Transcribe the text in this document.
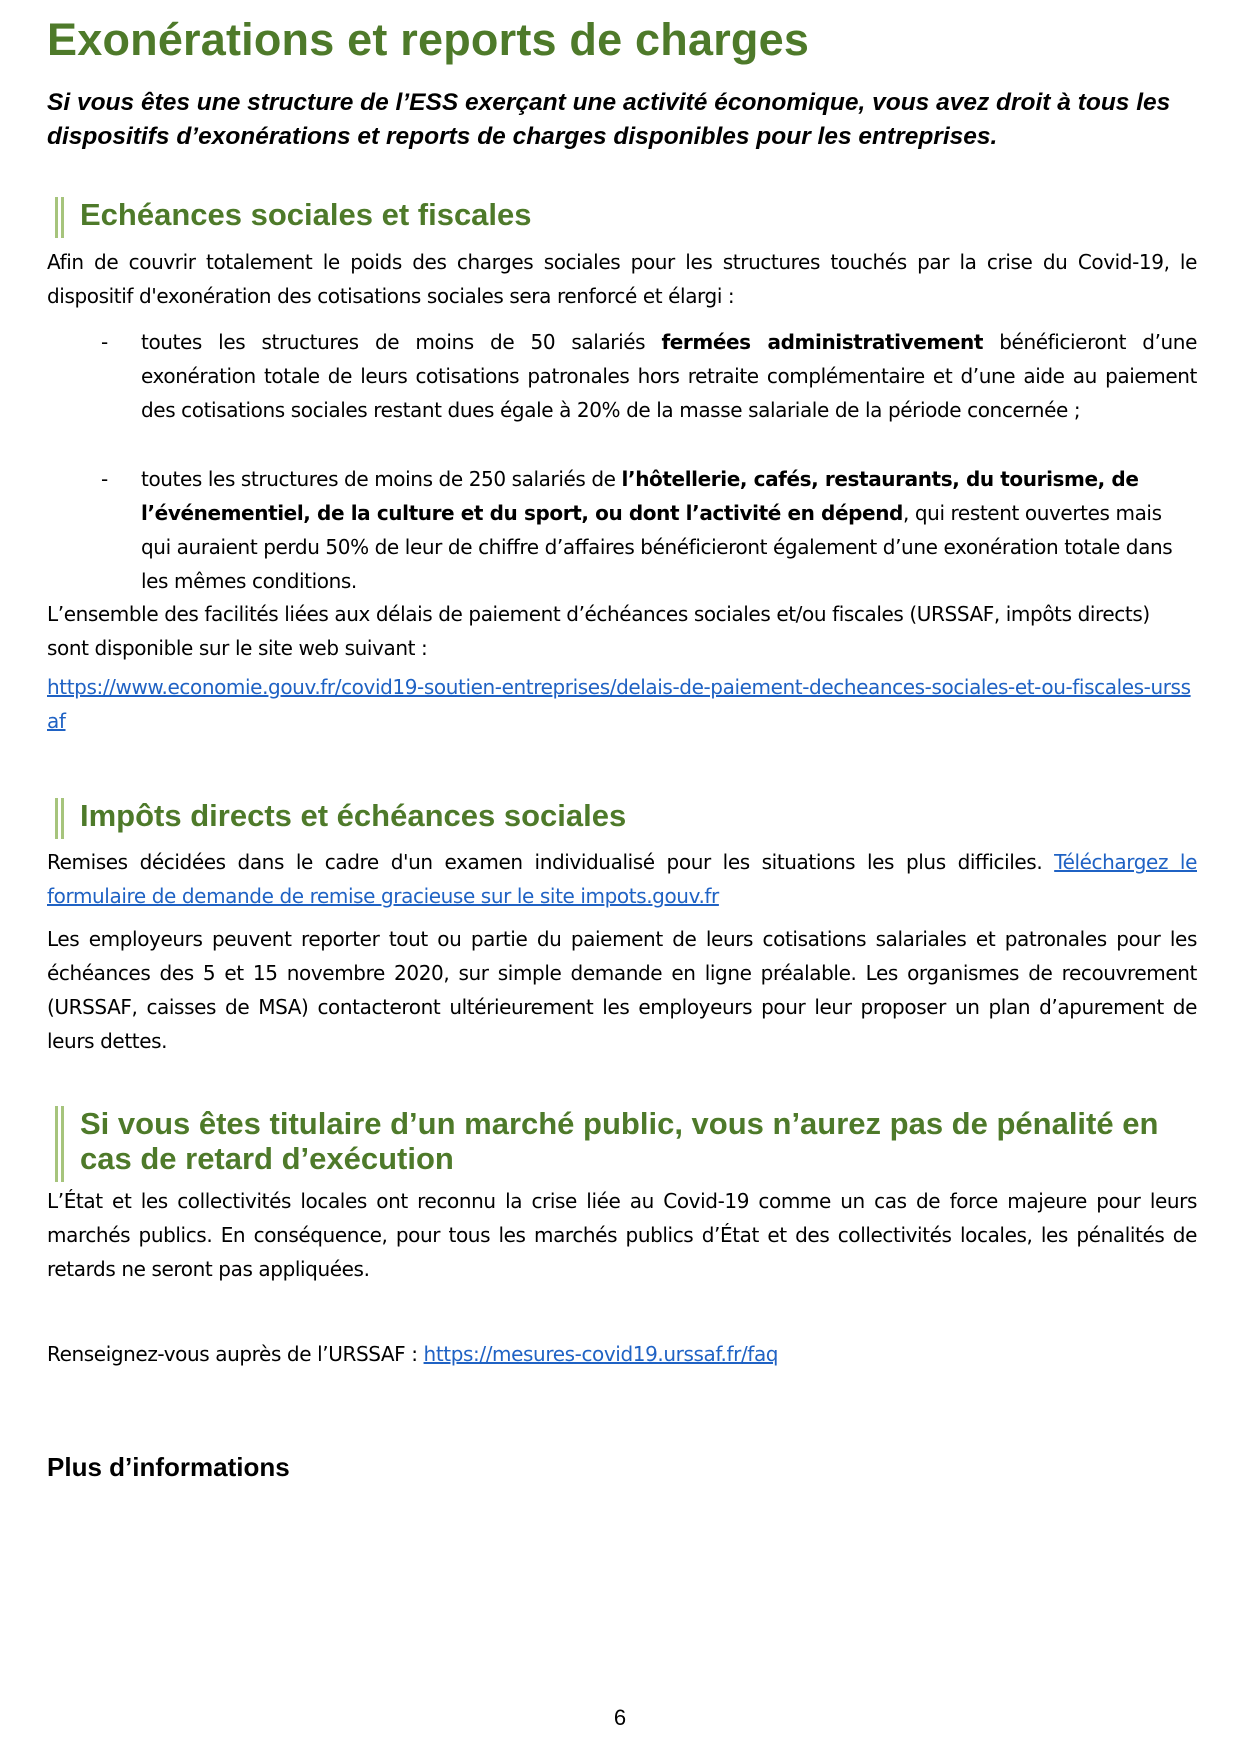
Exonérations et reports de charges

Si vous êtes une structure de l’ESS exerçant une activité économique, vous avez droit à tous les dispositifs d’exonérations et reports de charges disponibles pour les entreprises.

Echéances sociales et fiscales

Afin de couvrir totalement le poids des charges sociales pour les structures touchés par la crise du Covid-19, le dispositif d'exonération des cotisations sociales sera renforcé et élargi :

- toutes les structures de moins de 50 salariés fermées administrativement bénéficieront d’une exonération totale de leurs cotisations patronales hors retraite complémentaire et d’une aide au paiement des cotisations sociales restant dues égale à 20% de la masse salariale de la période concernée ;
- toutes les structures de moins de 250 salariés de l’hôtellerie, cafés, restaurants, du tourisme, de l’événementiel, de la culture et du sport, ou dont l’activité en dépend, qui restent ouvertes mais qui auraient perdu 50% de leur de chiffre d’affaires bénéficieront également d’une exonération totale dans les mêmes conditions.

L’ensemble des facilités liées aux délais de paiement d’échéances sociales et/ou fiscales (URSSAF, impôts directs) sont disponible sur le site web suivant :

https://www.economie.gouv.fr/covid19-soutien-entreprises/delais-de-paiement-decheances-sociales-et-ou-fiscales-urssaf

Impôts directs et échéances sociales

Remises décidées dans le cadre d'un examen individualisé pour les situations les plus difficiles. Téléchargez le formulaire de demande de remise gracieuse sur le site impots.gouv.fr

Les employeurs peuvent reporter tout ou partie du paiement de leurs cotisations salariales et patronales pour les échéances des 5 et 15 novembre 2020, sur simple demande en ligne préalable. Les organismes de recouvrement (URSSAF, caisses de MSA) contacteront ultérieurement les employeurs pour leur proposer un plan d’apurement de leurs dettes.

Si vous êtes titulaire d’un marché public, vous n’aurez pas de pénalité en cas de retard d’exécution

L’État et les collectivités locales ont reconnu la crise liée au Covid-19 comme un cas de force majeure pour leurs marchés publics. En conséquence, pour tous les marchés publics d’État et des collectivités locales, les pénalités de retards ne seront pas appliquées.

Plus d’informations

Renseignez-vous auprès de l’URSSAF : https://mesures-covid19.urssaf.fr/faq

6
